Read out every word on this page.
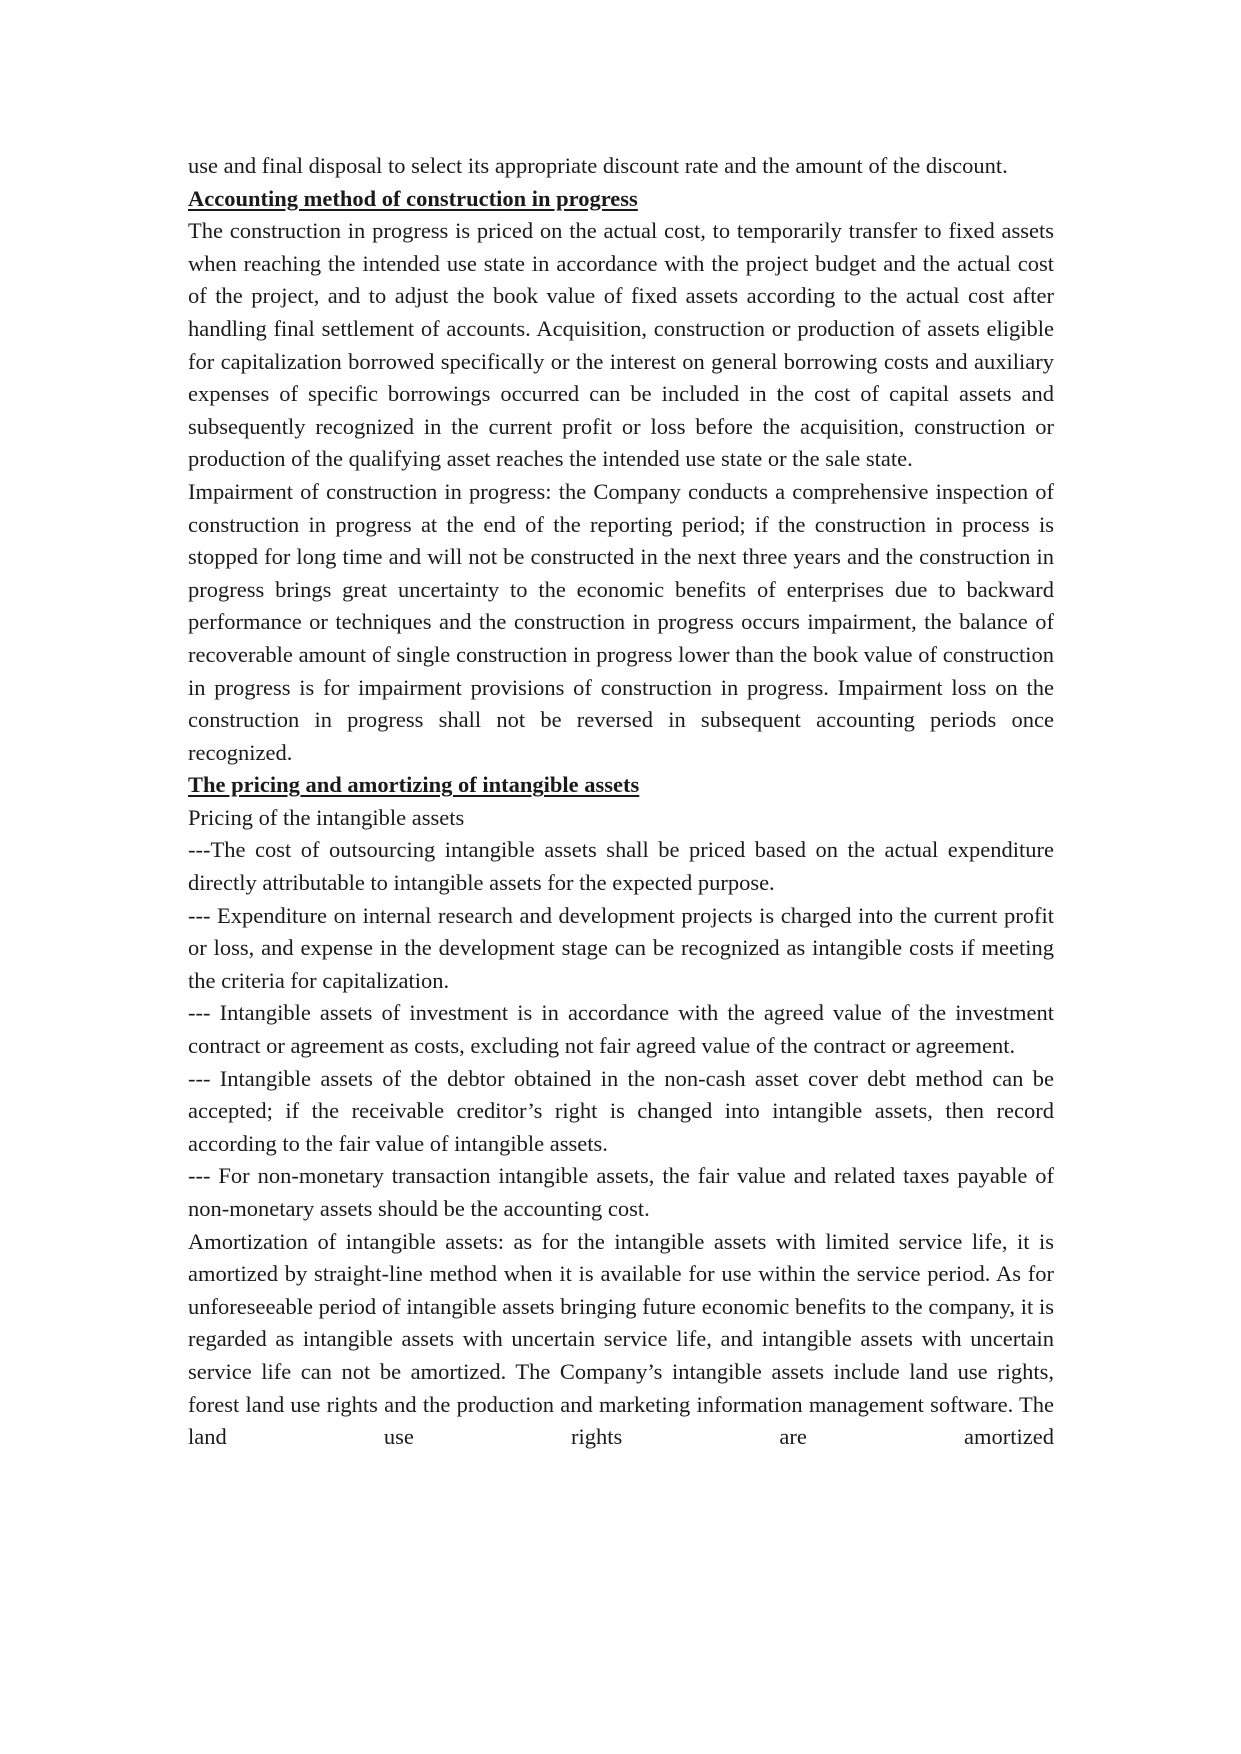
use and final disposal to select its appropriate discount rate and the amount of the discount.

Accounting method of construction in progress

The construction in progress is priced on the actual cost, to temporarily transfer to fixed assets when reaching the intended use state in accordance with the project budget and the actual cost of the project, and to adjust the book value of fixed assets according to the actual cost after handling final settlement of accounts. Acquisition, construction or production of assets eligible for capitalization borrowed specifically or the interest on general borrowing costs and auxiliary expenses of specific borrowings occurred can be included in the cost of capital assets and subsequently recognized in the current profit or loss before the acquisition, construction or production of the qualifying asset reaches the intended use state or the sale state.

Impairment of construction in progress: the Company conducts a comprehensive inspection of construction in progress at the end of the reporting period; if the construction in process is stopped for long time and will not be constructed in the next three years and the construction in progress brings great uncertainty to the economic benefits of enterprises due to backward performance or techniques and the construction in progress occurs impairment, the balance of recoverable amount of single construction in progress lower than the book value of construction in progress is for impairment provisions of construction in progress. Impairment loss on the construction in progress shall not be reversed in subsequent accounting periods once recognized.

The pricing and amortizing of intangible assets

Pricing of the intangible assets

---The cost of outsourcing intangible assets shall be priced based on the actual expenditure directly attributable to intangible assets for the expected purpose.

--- Expenditure on internal research and development projects is charged into the current profit or loss, and expense in the development stage can be recognized as intangible costs if meeting the criteria for capitalization.

--- Intangible assets of investment is in accordance with the agreed value of the investment contract or agreement as costs, excluding not fair agreed value of the contract or agreement.

--- Intangible assets of the debtor obtained in the non-cash asset cover debt method can be accepted; if the receivable creditor’s right is changed into intangible assets, then record according to the fair value of intangible assets.

--- For non-monetary transaction intangible assets, the fair value and related taxes payable of non-monetary assets should be the accounting cost.

Amortization of intangible assets: as for the intangible assets with limited service life, it is amortized by straight-line method when it is available for use within the service period. As for unforeseeable period of intangible assets bringing future economic benefits to the company, it is regarded as intangible assets with uncertain service life, and intangible assets with uncertain service life can not be amortized. The Company’s intangible assets include land use rights, forest land use rights and the production and marketing information management software. The land use rights are amortized
